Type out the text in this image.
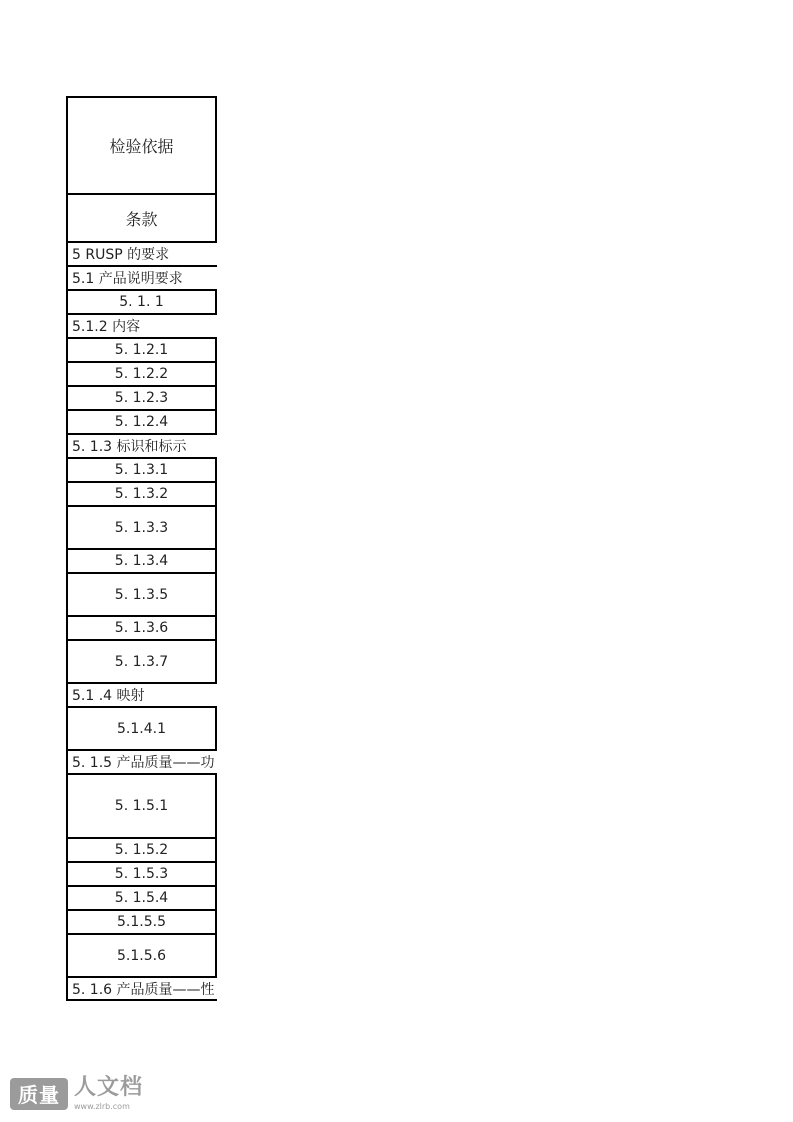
检验依据
条款
5 RUSP 的要求
5.1 产品说明要求
5. 1. 1
5.1.2 内容
5. 1.2.1
5. 1.2.2
5. 1.2.3
5. 1.2.4
5. 1.3 标识和标示
5. 1.3.1
5. 1.3.2
5. 1.3.3
5. 1.3.4
5. 1.3.5
5. 1.3.6
5. 1.3.7
5.1 .4 映射
5.1.4.1
5. 1.5 产品质量——功
5. 1.5.1
5. 1.5.2
5. 1.5.3
5. 1.5.4
5.1.5.5
5.1.5.6
5. 1.6 产品质量——性
质量 人文档
www.zlrb.com
